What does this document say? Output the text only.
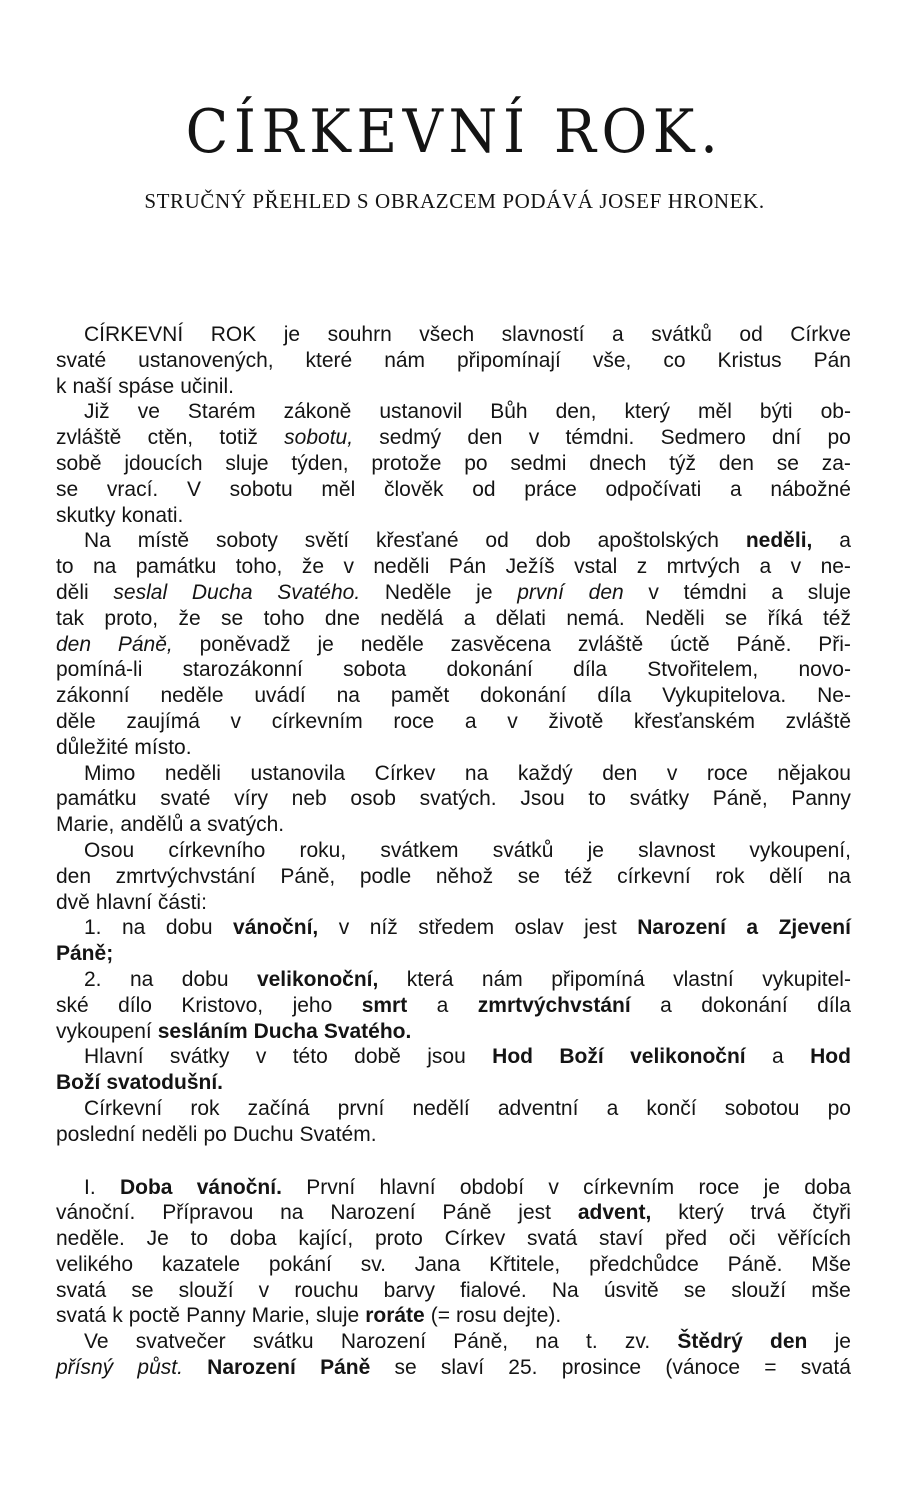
CÍRKEVNÍ ROK.
STRUČNÝ PŘEHLED S OBRAZCEM PODÁVÁ JOSEF HRONEK.
CÍRKEVNÍ ROK je souhrn všech slavností a svátků od Církve
svaté ustanovených, které nám připomínají vše, co Kristus Pán
k naší spáse učinil.
Již ve Starém zákoně ustanovil Bůh den, který měl býti ob-
zvláště ctěn, totiž sobotu, sedmý den v témdni. Sedmero dní po
sobě jdoucích sluje týden, protože po sedmi dnech týž den se za-
se vrací. V sobotu měl člověk od práce odpočívati a nábožné
skutky konati.
Na místě soboty světí křesťané od dob apoštolských neděli, a
to na památku toho, že v neděli Pán Ježíš vstal z mrtvých a v ne-
děli seslal Ducha Svatého. Neděle je první den v témdni a sluje
tak proto, že se toho dne nedělá a dělati nemá. Neděli se říká též
den Páně, poněvadž je neděle zasvěcena zvláště úctě Páně. Při-
pomíná-li starozákonní sobota dokonání díla Stvořitelem, novo-
zákonní neděle uvádí na pamět dokonání díla Vykupitelova. Ne-
děle zaujímá v církevním roce a v životě křesťanském zvláště
důležité místo.
Mimo neděli ustanovila Církev na každý den v roce nějakou
památku svaté víry neb osob svatých. Jsou to svátky Páně, Panny
Marie, andělů a svatých.
Osou církevního roku, svátkem svátků je slavnost vykoupení,
den zmrtvýchvstání Páně, podle něhož se též církevní rok dělí na
dvě hlavní části:
1. na dobu vánoční, v níž středem oslav jest Narození a Zjevení
Páně;
2. na dobu velikonoční, která nám připomíná vlastní vykupitel-
ské dílo Kristovo, jeho smrt a zmrtvýchvstání a dokonání díla
vykoupení sesláním Ducha Svatého.
Hlavní svátky v této době jsou Hod Boží velikonoční a Hod
Boží svatodušní.
Církevní rok začíná první nedělí adventní a končí sobotou po
poslední neděli po Duchu Svatém.
I. Doba vánoční. První hlavní období v církevním roce je doba
vánoční. Přípravou na Narození Páně jest advent, který trvá čtyři
neděle. Je to doba kající, proto Církev svatá staví před oči věřících
velikého kazatele pokání sv. Jana Křtitele, předchůdce Páně. Mše
svatá se slouží v rouchu barvy fialové. Na úsvitě se slouží mše
svatá k poctě Panny Marie, sluje roráte (= rosu dejte).
Ve svatvečer svátku Narození Páně, na t. zv. Štědrý den je
přísný půst. Narození Páně se slaví 25. prosince (vánoce = svatá
